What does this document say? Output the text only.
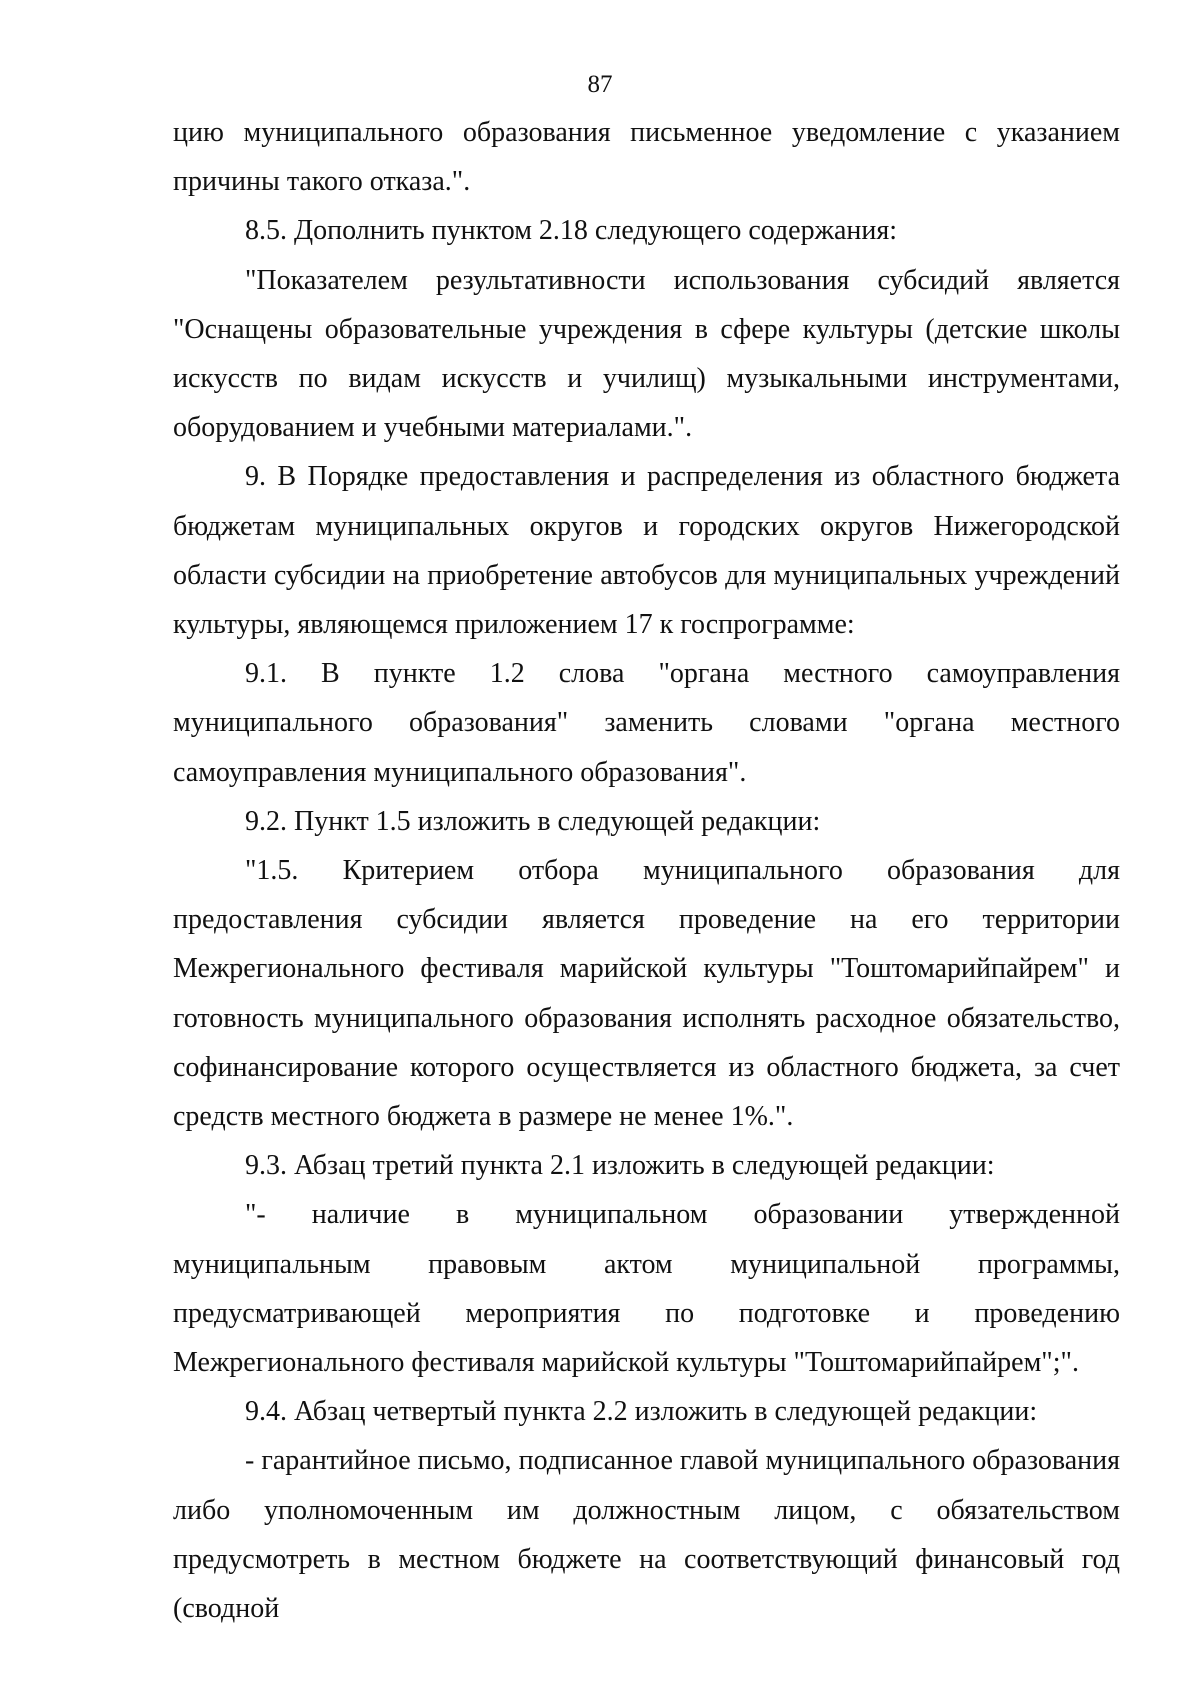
87

цию муниципального образования письменное уведомление с указанием причины такого отказа.".

8.5. Дополнить пунктом 2.18 следующего содержания:

"Показателем результативности использования субсидий является "Оснащены образовательные учреждения в сфере культуры (детские школы искусств по видам искусств и училищ) музыкальными инструментами, оборудованием и учебными материалами.".

9. В Порядке предоставления и распределения из областного бюджета бюджетам муниципальных округов и городских округов Нижегородской области субсидии на приобретение автобусов для муниципальных учреждений культуры, являющемся приложением 17 к госпрограмме:

9.1. В пункте 1.2 слова "органа местного самоуправления муниципального образования" заменить словами "органа местного самоуправления муниципального образования".

9.2. Пункт 1.5 изложить в следующей редакции:

"1.5. Критерием отбора муниципального образования для предоставления субсидии является проведение на его территории Межрегионального фестиваля марийской культуры "Тоштомарийпайрем" и готовность муниципального образования исполнять расходное обязательство, софинансирование которого осуществляется из областного бюджета, за счет средств местного бюджета в размере не менее 1%.".

9.3. Абзац третий пункта 2.1 изложить в следующей редакции:

"- наличие в муниципальном образовании утвержденной муниципальным правовым актом муниципальной программы, предусматривающей мероприятия по подготовке и проведению Межрегионального фестиваля марийской культуры "Тоштомарийпайрем";".

9.4. Абзац четвертый пункта 2.2 изложить в следующей редакции:

- гарантийное письмо, подписанное главой муниципального образования либо уполномоченным им должностным лицом, с обязательством предусмотреть в местном бюджете на соответствующий финансовый год (сводной
